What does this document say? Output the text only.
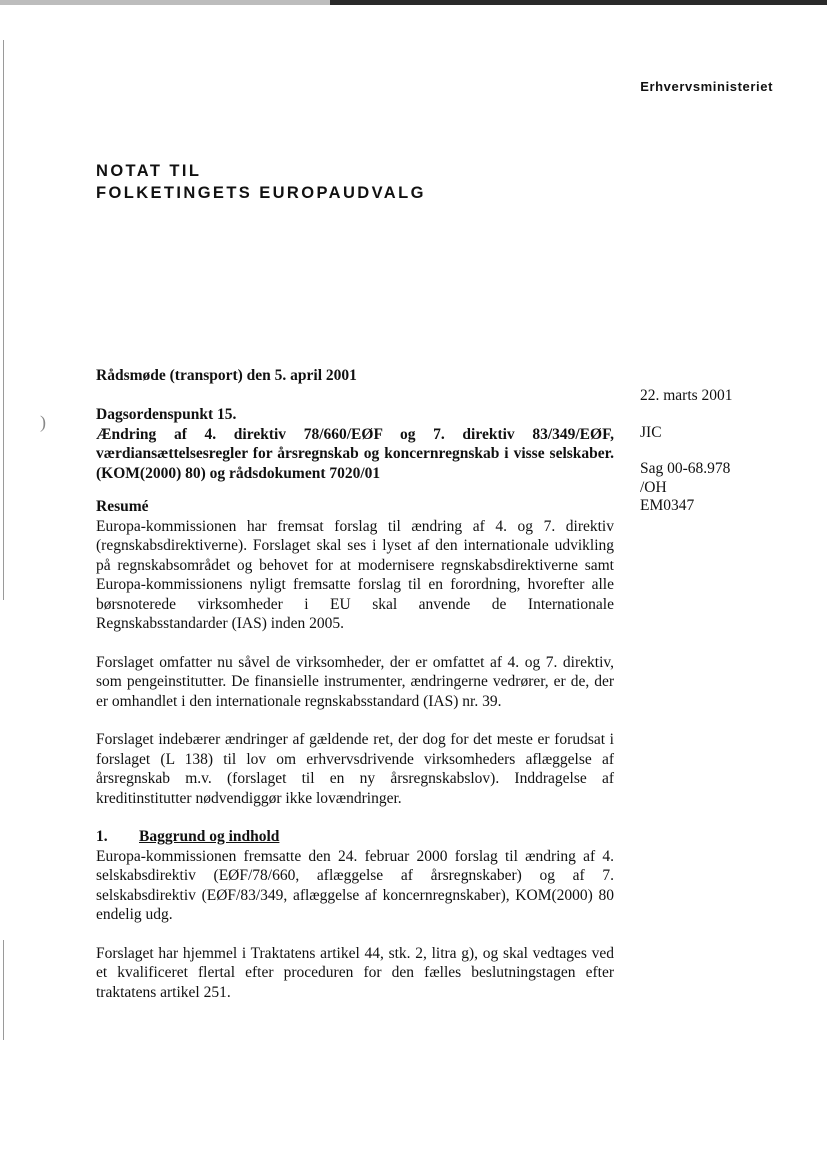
)
Erhvervsministeriet
NOTAT TIL
FOLKETINGETS EUROPAUDVALG

Rådsmøde (transport) den 5. april 2001

22. marts 2001

JIC

Sag 00-68.978

/OH

EM0347

Dagsordenspunkt 15.

Ændring af 4. direktiv 78/660/EØF og 7. direktiv 83/349/EØF, værdiansættelsesregler for årsregnskab og koncernregnskab i visse selskaber. (KOM(2000) 80) og rådsdokument 7020/01

Resumé

Europa-kommissionen har fremsat forslag til ændring af 4. og 7. direktiv (regnskabsdirektiverne). Forslaget skal ses i lyset af den internationale udvikling på regnskabsområdet og behovet for at modernisere regnskabsdirektiverne samt Europa-kommissionens nyligt fremsatte forslag til en forordning, hvorefter alle børsnoterede virksomheder i EU skal anvende de Internationale Regnskabsstandarder (IAS) inden 2005.

Forslaget omfatter nu såvel de virksomheder, der er omfattet af 4. og 7. direktiv, som pengeinstitutter. De finansielle instrumenter, ændringerne vedrører, er de, der er omhandlet i den internationale regnskabsstandard (IAS) nr. 39.

Forslaget indebærer ændringer af gældende ret, der dog for det meste er forudsat i forslaget (L 138) til lov om erhvervsdrivende virksomheders aflæggelse af årsregnskab m.v. (forslaget til en ny årsregnskabslov). Inddragelse af kreditinstitutter nødvendiggør ikke lovændringer.

1. Baggrund og indhold

Europa-kommissionen fremsatte den 24. februar 2000 forslag til ændring af 4. selskabsdirektiv (EØF/78/660, aflæggelse af årsregnskaber) og af 7. selskabsdirektiv (EØF/83/349, aflæggelse af koncernregnskaber), KOM(2000) 80 endelig udg.

Forslaget har hjemmel i Traktatens artikel 44, stk. 2, litra g), og skal vedtages ved et kvalificeret flertal efter proceduren for den fælles beslutningstagen efter traktatens artikel 251.
